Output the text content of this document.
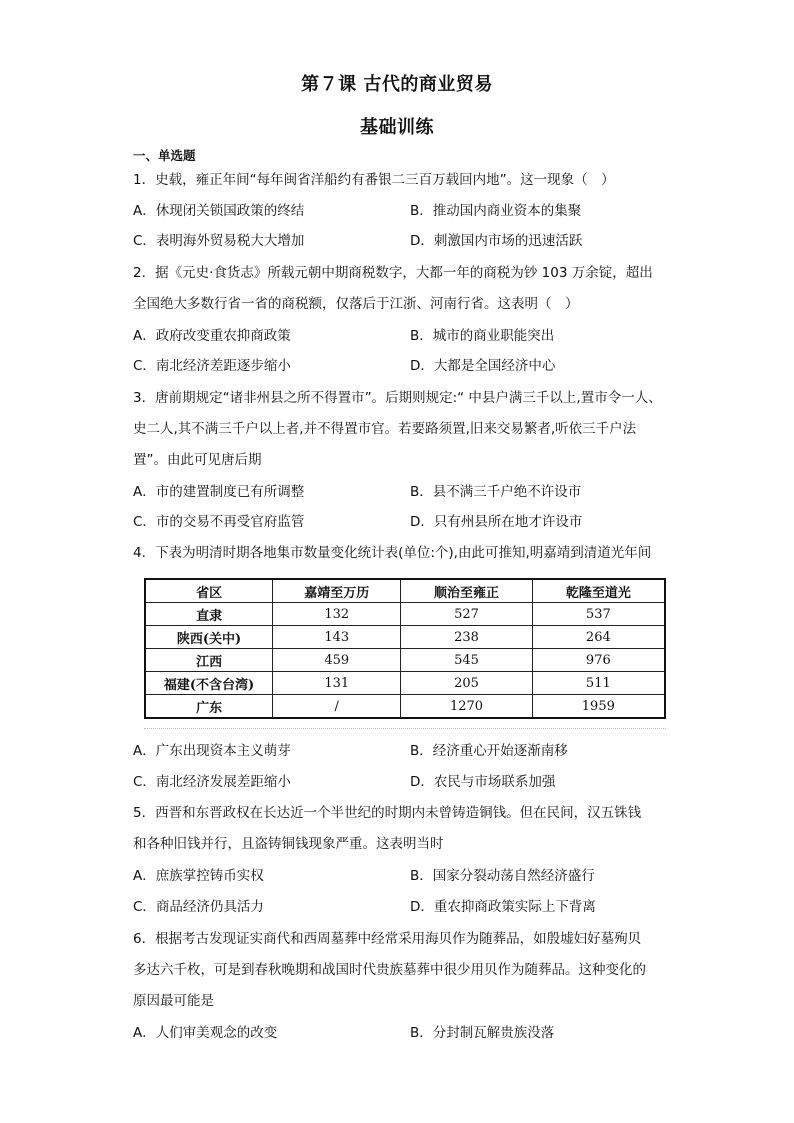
第７课 古代的商业贸易
基础训练
一、单选题
1．史载，雍正年间“每年闽省洋船约有番银二三百万载回内地”。这一现象（　）
A．休现闭关锁国政策的终结	B．推动国内商业资本的集聚
C．表明海外贸易税大大增加	D．刺激国内市场的迅速活跃
2．据《元史·食货志》所载元朝中期商税数字，大都一年的商税为钞 103 万余锭，超出
全国绝大多数行省一省的商税额，仅落后于江浙、河南行省。这表明（　）
A．政府改变重农抑商政策	B．城市的商业职能突出
C．南北经济差距逐步缩小	D．大都是全国经济中心
3．唐前期规定“诸非州县之所不得置市”。后期则规定:“ 中县户满三千以上,置市令一人、
史二人,其不满三千户以上者,并不得置市官。若要路须置,旧来交易繁者,听依三千户法
置”。由此可见唐后期
A．市的建置制度已有所调整	B．县不满三千户绝不许设市
C．市的交易不再受官府监管	D．只有州县所在地才许设市
4．下表为明清时期各地集市数量变化统计表(单位:个),由此可推知,明嘉靖到清道光年间
省区	嘉靖至万历	顺治至雍正	乾隆至道光
直隶	132	527	537
陕西(关中)	143	238	264
江西	459	545	976
福建(不含台湾)	131	205	511
广东	/	1270	1959
A．广东出现资本主义萌芽	B．经济重心开始逐渐南移
C．南北经济发展差距缩小	D．农民与市场联系加强
5．西晋和东晋政权在长达近一个半世纪的时期内未曾铸造铜钱。但在民间，汉五铢钱
和各种旧钱并行，且盗铸铜钱现象严重。这表明当时
A．庶族掌控铸币实权	B．国家分裂动荡自然经济盛行
C．商品经济仍具活力	D．重农抑商政策实际上下背离
6．根据考古发现证实商代和西周墓葬中经常采用海贝作为随葬品，如殷墟妇好墓殉贝
多达六千枚，可是到春秋晚期和战国时代贵族墓葬中很少用贝作为随葬品。这种变化的
原因最可能是
A．人们审美观念的改变	B．分封制瓦解贵族没落
